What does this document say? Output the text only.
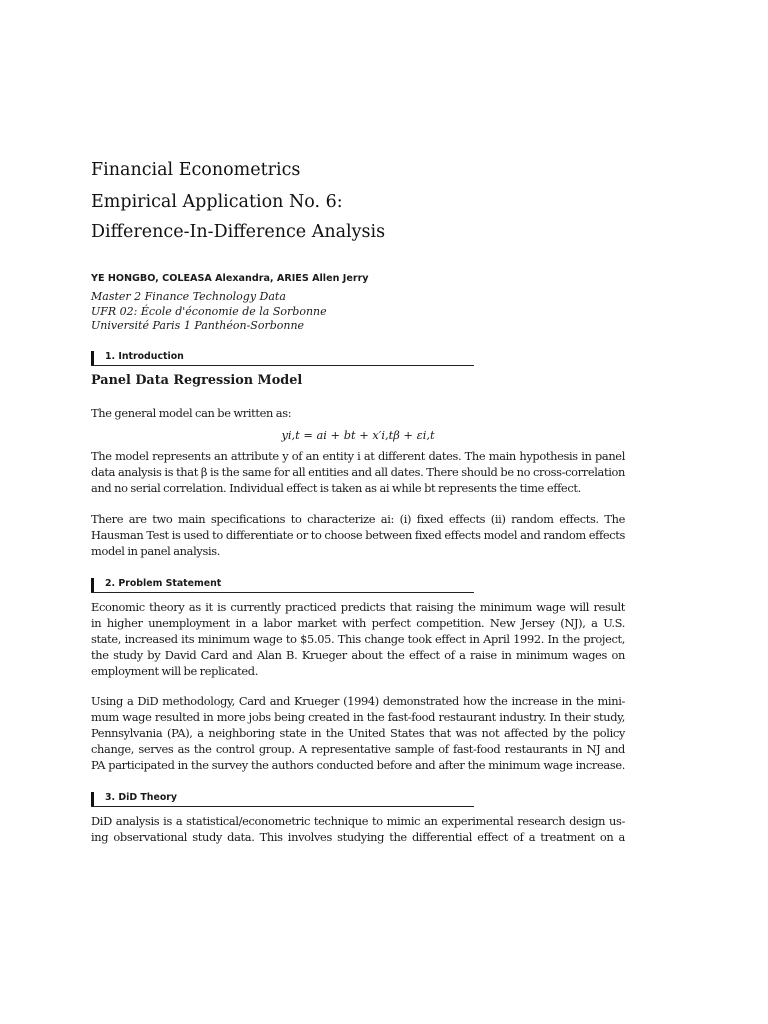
Financial Econometrics
Empirical Application No. 6:
Difference-In-Difference Analysis
YE HONGBO, COLEASA Alexandra, ARIES Allen Jerry
Master 2 Finance Technology Data
UFR 02: École d'économie de la Sorbonne
Université Paris 1 Panthéon-Sorbonne
1. Introduction
Panel Data Regression Model
The general model can be written as:
yi,t = ai + bt + x′i,tβ + εi,t
The model represents an attribute y of an entity i at different dates. The main hypothesis in panel
data analysis is that β is the same for all entities and all dates. There should be no cross-correlation
and no serial correlation. Individual effect is taken as ai while bt represents the time effect.
There are two main specifications to characterize ai: (i) fixed effects (ii) random effects. The
Hausman Test is used to differentiate or to choose between fixed effects model and random effects
model in panel analysis.
2. Problem Statement
Economic theory as it is currently practiced predicts that raising the minimum wage will result
in higher unemployment in a labor market with perfect competition. New Jersey (NJ), a U.S.
state, increased its minimum wage to $5.05. This change took effect in April 1992. In the project,
the study by David Card and Alan B. Krueger about the effect of a raise in minimum wages on
employment will be replicated.
Using a DiD methodology, Card and Krueger (1994) demonstrated how the increase in the mini-
mum wage resulted in more jobs being created in the fast-food restaurant industry. In their study,
Pennsylvania (PA), a neighboring state in the United States that was not affected by the policy
change, serves as the control group. A representative sample of fast-food restaurants in NJ and
PA participated in the survey the authors conducted before and after the minimum wage increase.
3. DiD Theory
DiD analysis is a statistical/econometric technique to mimic an experimental research design us-
ing observational study data. This involves studying the differential effect of a treatment on a
